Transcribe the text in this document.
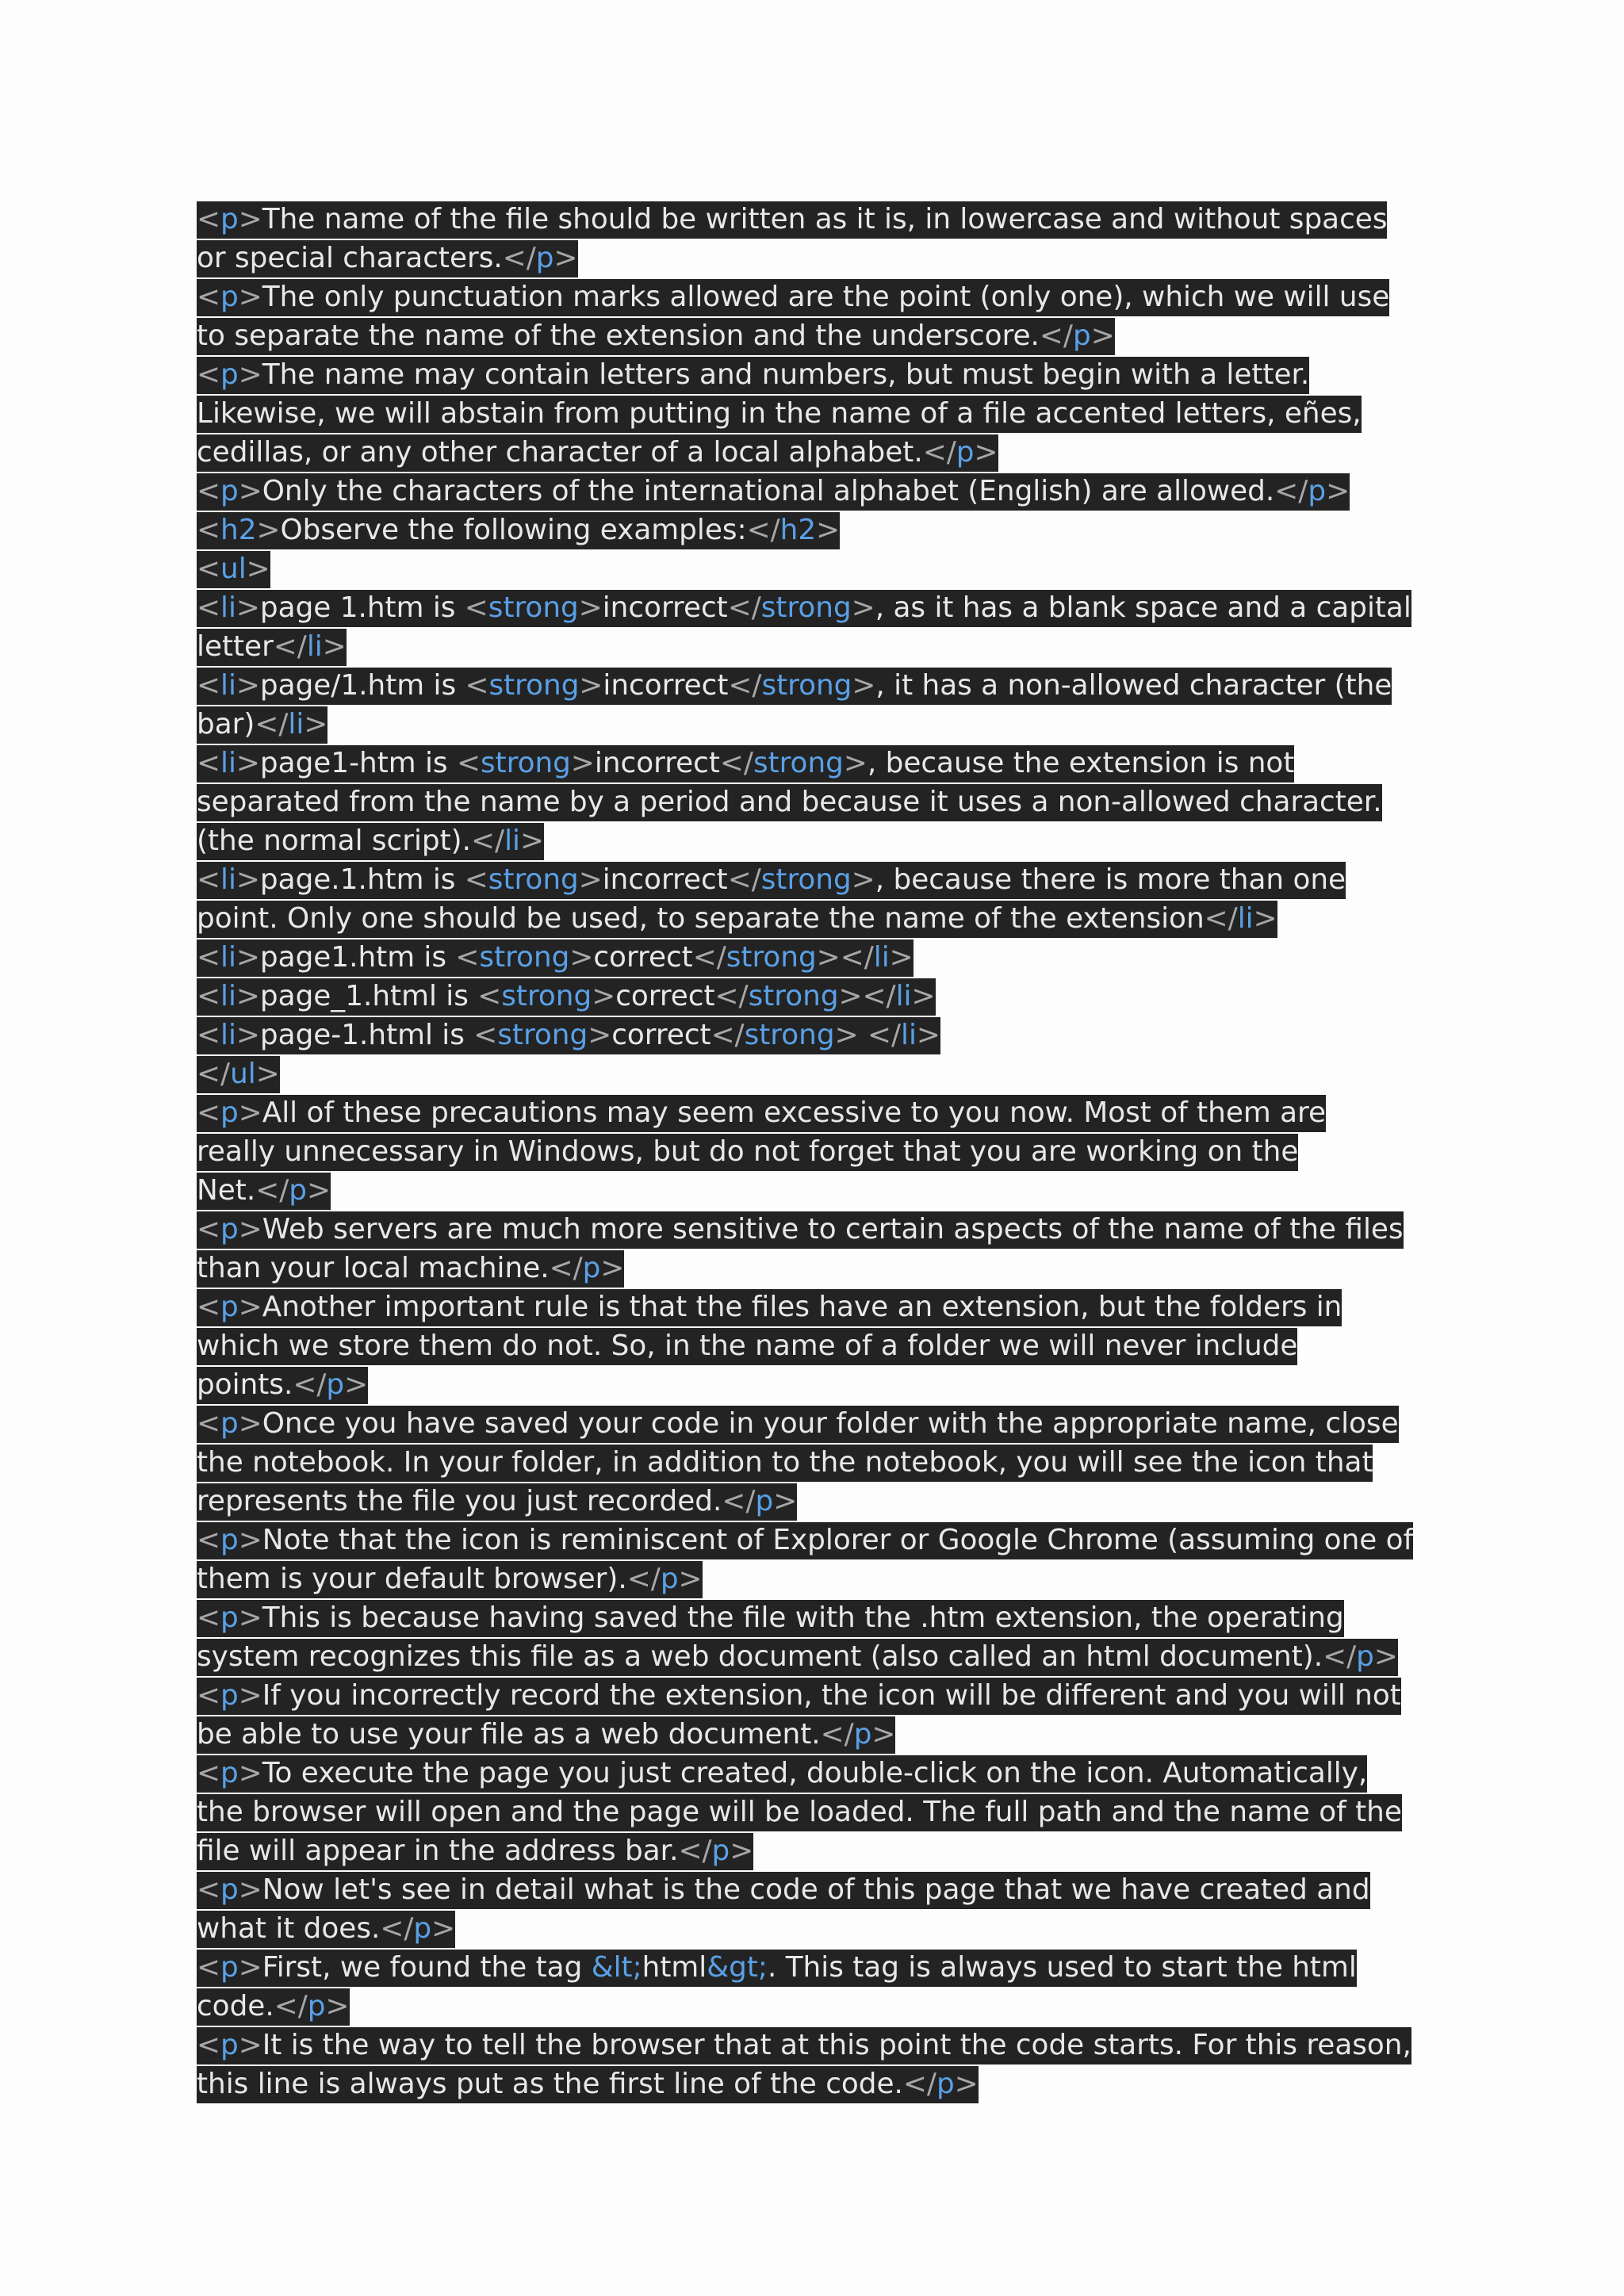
<p>The name of the file should be written as it is, in lowercase and without spaces
or special characters.</p>
<p>The only punctuation marks allowed are the point (only one), which we will use
to separate the name of the extension and the underscore.</p>
<p>The name may contain letters and numbers, but must begin with a letter.
Likewise, we will abstain from putting in the name of a file accented letters, eñes,
cedillas, or any other character of a local alphabet.</p>
<p>Only the characters of the international alphabet (English) are allowed.</p>
<h2>Observe the following examples:</h2>
<ul>
<li>page 1.htm is <strong>incorrect</strong>, as it has a blank space and a capital
letter</li>
<li>page/1.htm is <strong>incorrect</strong>, it has a non-allowed character (the
bar)</li>
<li>page1-htm is <strong>incorrect</strong>, because the extension is not
separated from the name by a period and because it uses a non-allowed character.
(the normal script).</li>
<li>page.1.htm is <strong>incorrect</strong>, because there is more than one
point. Only one should be used, to separate the name of the extension</li>
<li>page1.htm is <strong>correct</strong></li>
<li>page_1.html is <strong>correct</strong></li>
<li>page-1.html is <strong>correct</strong> </li>
</ul>
<p>All of these precautions may seem excessive to you now. Most of them are
really unnecessary in Windows, but do not forget that you are working on the
Net.</p>
<p>Web servers are much more sensitive to certain aspects of the name of the files
than your local machine.</p>
<p>Another important rule is that the files have an extension, but the folders in
which we store them do not. So, in the name of a folder we will never include
points.</p>
<p>Once you have saved your code in your folder with the appropriate name, close
the notebook. In your folder, in addition to the notebook, you will see the icon that
represents the file you just recorded.</p>
<p>Note that the icon is reminiscent of Explorer or Google Chrome (assuming one of
them is your default browser).</p>
<p>This is because having saved the file with the .htm extension, the operating
system recognizes this file as a web document (also called an html document).</p>
<p>If you incorrectly record the extension, the icon will be different and you will not
be able to use your file as a web document.</p>
<p>To execute the page you just created, double-click on the icon. Automatically,
the browser will open and the page will be loaded. The full path and the name of the
file will appear in the address bar.</p>
<p>Now let's see in detail what is the code of this page that we have created and
what it does.</p>
<p>First, we found the tag &lt;html&gt;. This tag is always used to start the html
code.</p>
<p>It is the way to tell the browser that at this point the code starts. For this reason,
this line is always put as the first line of the code.</p>
